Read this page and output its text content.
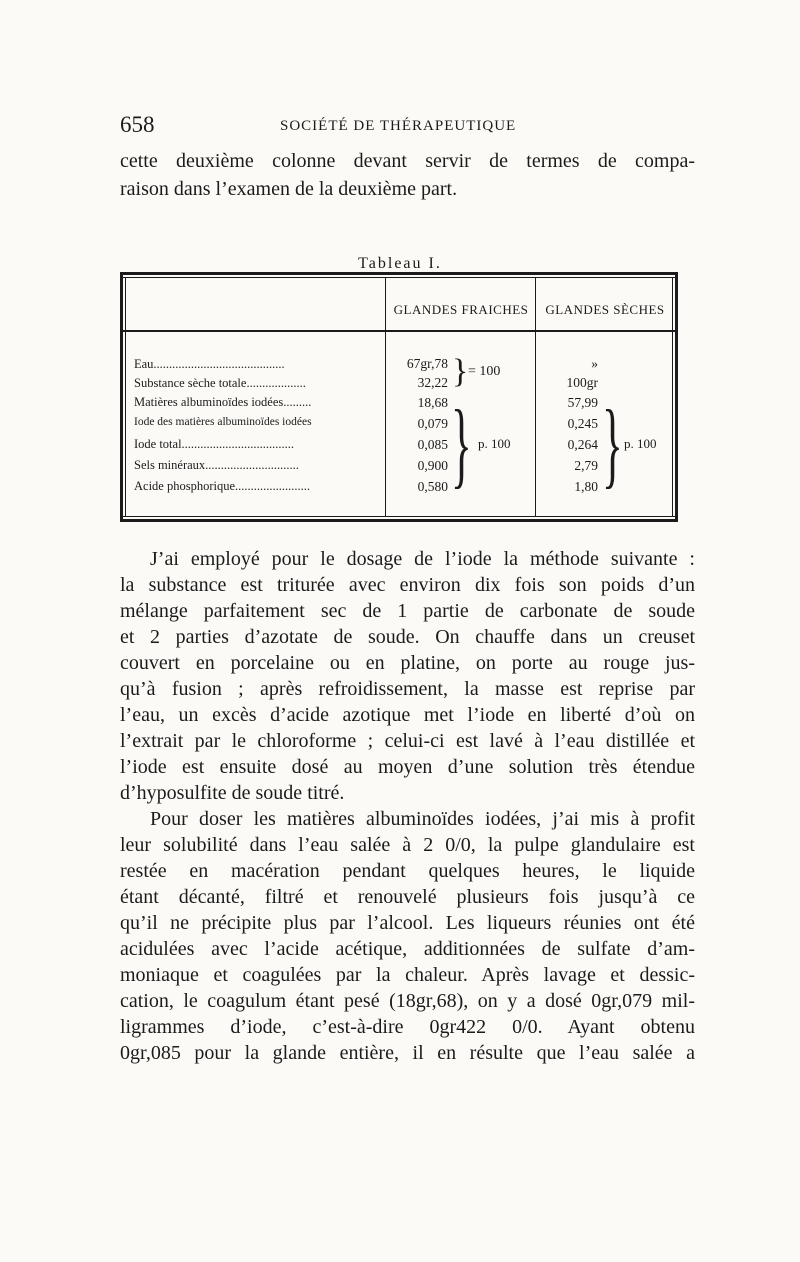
658	SOCIÉTÉ DE THÉRAPEUTIQUE
cette deuxième colonne devant servir de termes de compa-
raison dans l’examen de la deuxième part.
Tableau I.
GLANDES FRAICHES	GLANDES SÈCHES
Eau..........................................
Substance sèche totale...................
Matières albuminoïdes iodées.........
Iode des matières albuminoïdes iodées
Iode total....................................
Sels minéraux..............................
Acide phosphorique........................
67gr,78
32,22
18,68
0,079
0,085
0,900
0,580
} = 100
} p. 100
»
100gr
57,99
0,245
0,264
2,79
1,80 } p. 100
J’ai employé pour le dosage de l’iode la méthode suivante :
la substance est triturée avec environ dix fois son poids d’un
mélange parfaitement sec de 1 partie de carbonate de soude
et 2 parties d’azotate de soude. On chauffe dans un creuset
couvert en porcelaine ou en platine, on porte au rouge jus-
qu’à fusion ; après refroidissement, la masse est reprise par
l’eau, un excès d’acide azotique met l’iode en liberté d’où on
l’extrait par le chloroforme ; celui-ci est lavé à l’eau distillée et
l’iode est ensuite dosé au moyen d’une solution très étendue
d’hyposulfite de soude titré.
Pour doser les matières albuminoïdes iodées, j’ai mis à profit
leur solubilité dans l’eau salée à 2 0/0, la pulpe glandulaire est
restée en macération pendant quelques heures, le liquide
étant décanté, filtré et renouvelé plusieurs fois jusqu’à ce
qu’il ne précipite plus par l’alcool. Les liqueurs réunies ont été
acidulées avec l’acide acétique, additionnées de sulfate d’am-
moniaque et coagulées par la chaleur. Après lavage et dessic-
cation, le coagulum étant pesé (18gr,68), on y a dosé 0gr,079 mil-
ligrammes d’iode, c’est-à-dire 0gr422 0/0. Ayant obtenu
0gr,085 pour la glande entière, il en résulte que l’eau salée a
